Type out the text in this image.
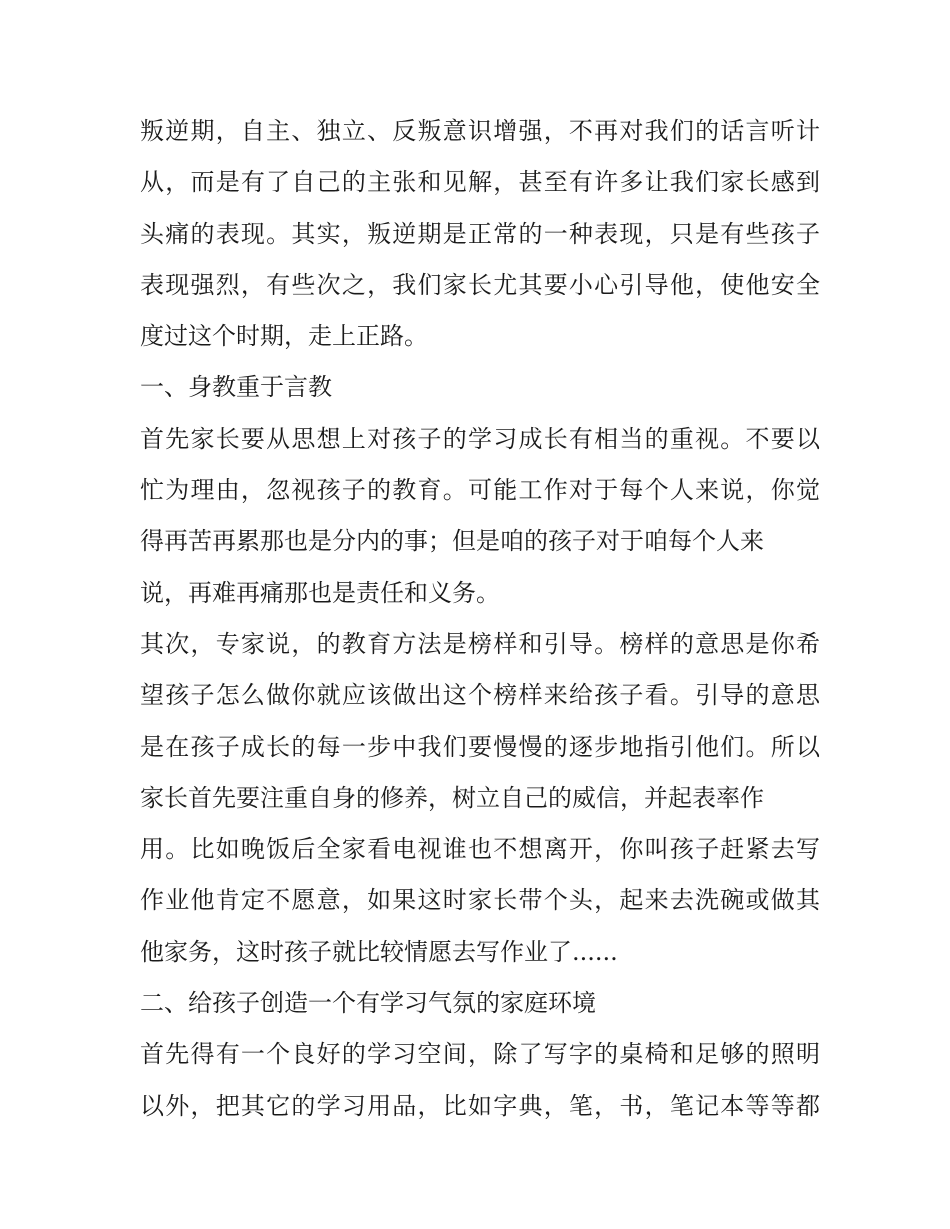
叛逆期，自主、独立、反叛意识增强，不再对我们的话言听计
从，而是有了自己的主张和见解，甚至有许多让我们家长感到
头痛的表现。其实，叛逆期是正常的一种表现，只是有些孩子
表现强烈，有些次之，我们家长尤其要小心引导他，使他安全
度过这个时期，走上正路。
一、身教重于言教
首先家长要从思想上对孩子的学习成长有相当的重视。不要以
忙为理由，忽视孩子的教育。可能工作对于每个人来说，你觉
得再苦再累那也是分内的事；但是咱的孩子对于咱每个人来
说，再难再痛那也是责任和义务。
其次，专家说，的教育方法是榜样和引导。榜样的意思是你希
望孩子怎么做你就应该做出这个榜样来给孩子看。引导的意思
是在孩子成长的每一步中我们要慢慢的逐步地指引他们。所以
家长首先要注重自身的修养，树立自己的威信，并起表率作
用。比如晚饭后全家看电视谁也不想离开，你叫孩子赶紧去写
作业他肯定不愿意，如果这时家长带个头，起来去洗碗或做其
他家务，这时孩子就比较情愿去写作业了......
二、给孩子创造一个有学习气氛的家庭环境
首先得有一个良好的学习空间，除了写字的桌椅和足够的照明
以外，把其它的学习用品，比如字典，笔，书，笔记本等等都
